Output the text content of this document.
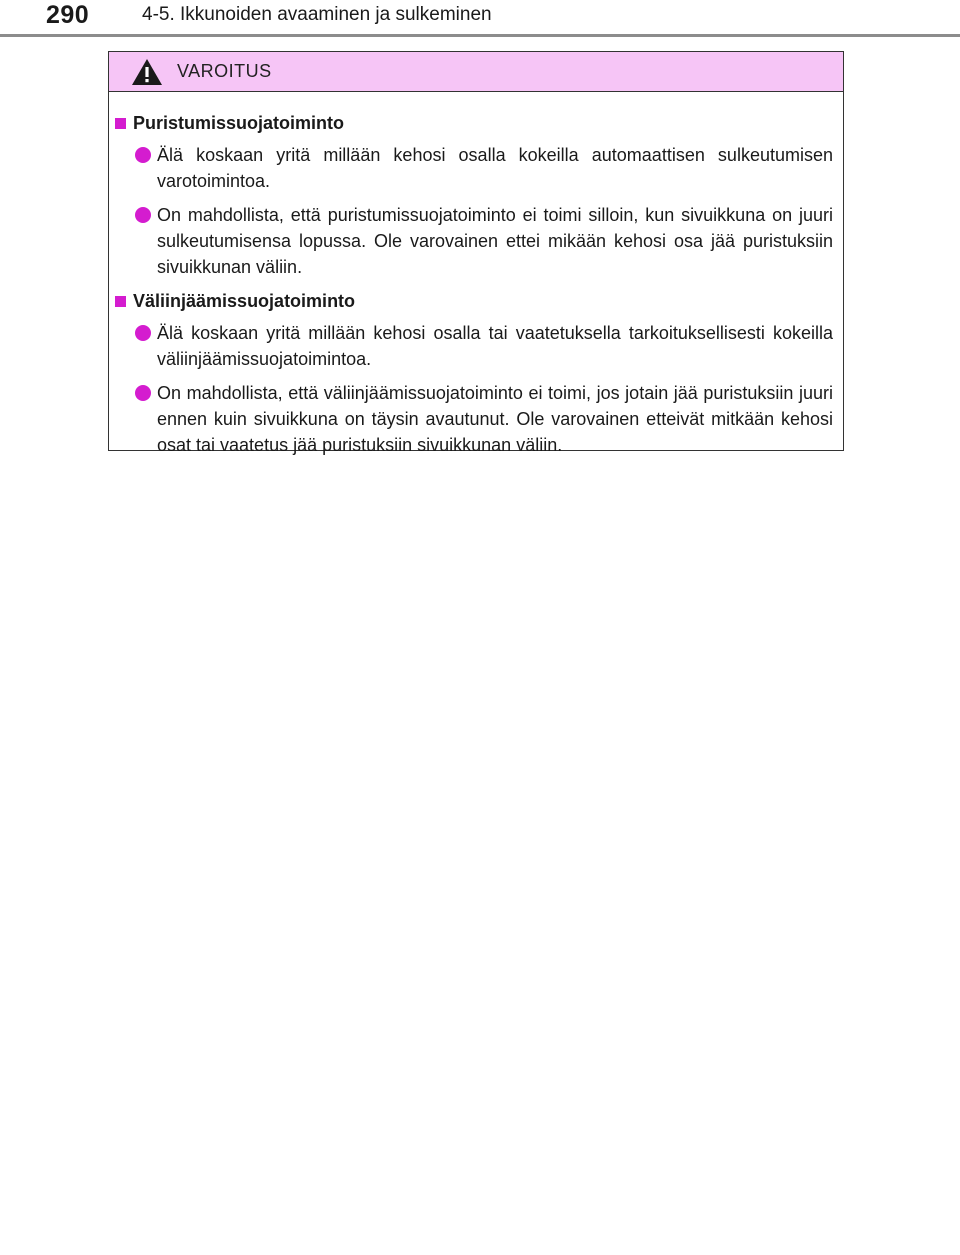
290	4-5. Ikkunoiden avaaminen ja sulkeminen
VAROITUS
Puristumissuojatoiminto
Älä koskaan yritä millään kehosi osalla kokeilla automaattisen sulkeutumisen varotoimintoa.
On mahdollista, että puristumissuojatoiminto ei toimi silloin, kun sivuikkuna on juuri sulkeutumisensa lopussa. Ole varovainen ettei mikään kehosi osa jää puristuksiin sivuikkunan väliin.
Väliinjäämissuojatoiminto
Älä koskaan yritä millään kehosi osalla tai vaatetuksella tarkoituksellisesti kokeilla väliinjäämissuojatoimintoa.
On mahdollista, että väliinjäämissuojatoiminto ei toimi, jos jotain jää puristuksiin juuri ennen kuin sivuikkuna on täysin avautunut. Ole varovainen etteivät mitkään kehosi osat tai vaatetus jää puristuksiin sivuikkunan väliin.
